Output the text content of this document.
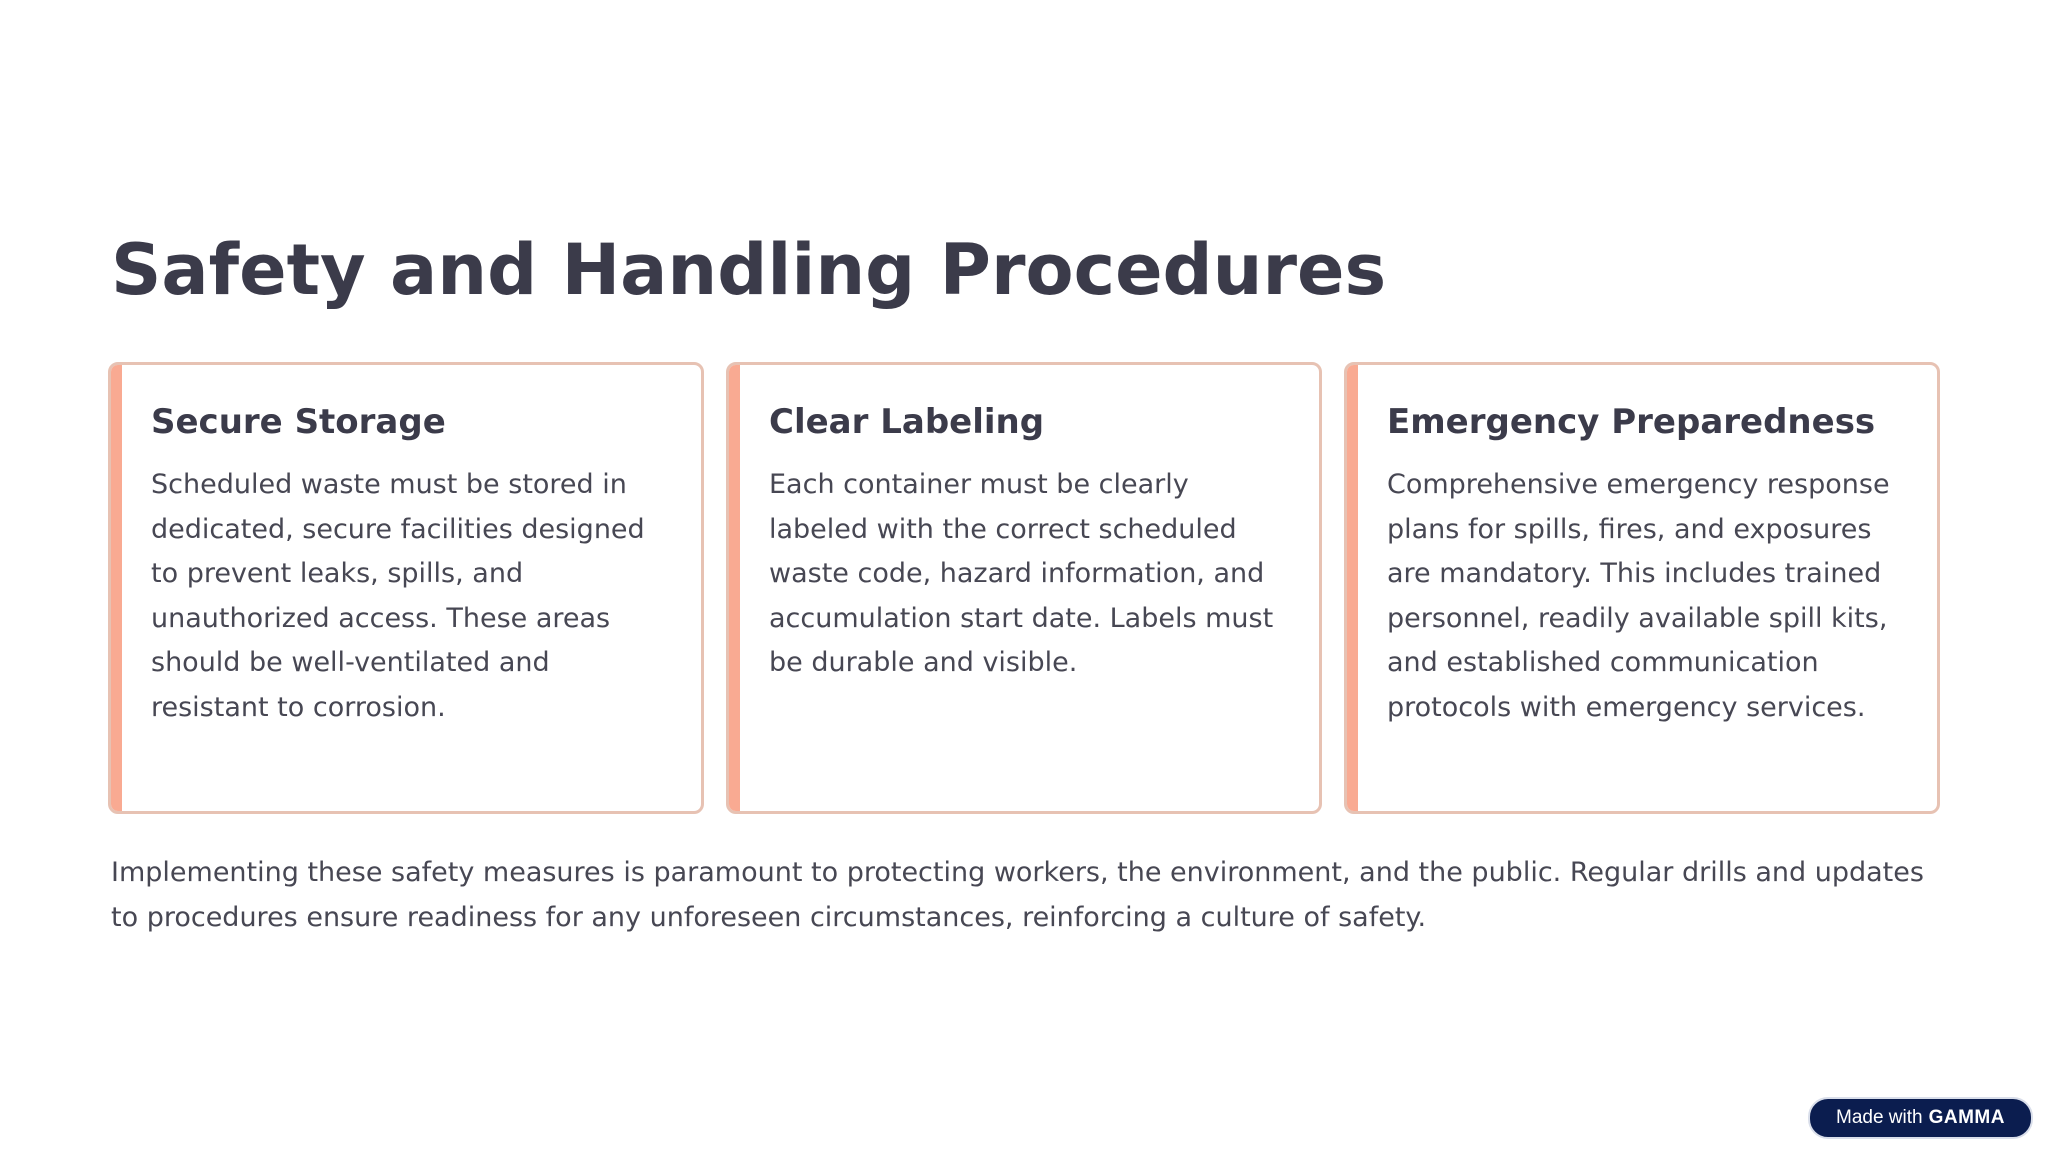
Safety and Handling Procedures
Secure Storage

Scheduled waste must be stored in dedicated, secure facilities designed to prevent leaks, spills, and unauthorized access. These areas should be well-ventilated and resistant to corrosion.

Clear Labeling

Each container must be clearly labeled with the correct scheduled waste code, hazard information, and accumulation start date. Labels must be durable and visible.

Emergency Preparedness

Comprehensive emergency response plans for spills, fires, and exposures are mandatory. This includes trained personnel, readily available spill kits, and established communication protocols with emergency services.

Implementing these safety measures is paramount to protecting workers, the environment, and the public. Regular drills and updates to procedures ensure readiness for any unforeseen circumstances, reinforcing a culture of safety.

Made with GAMMA
